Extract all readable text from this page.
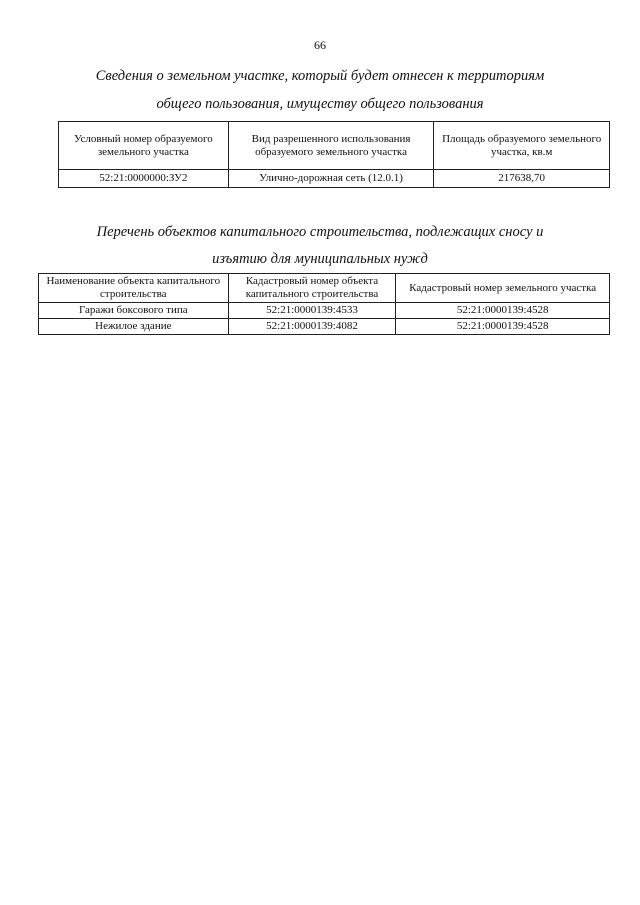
66
Сведения о земельном участке, который будет отнесен к территориям
общего пользования, имуществу общего пользования
Условный номер образуемого земельного участка	Вид разрешенного использования образуемого земельного участка	Площадь образуемого земельного участка, кв.м
52:21:0000000:ЗУ2	Улично-дорожная сеть (12.0.1)	217638,70
Перечень объектов капитального строительства, подлежащих сносу и
изъятию для муниципальных нужд
Наименование объекта капитального строительства	Кадастровый номер объекта капитального строительства	Кадастровый номер земельного участка
Гаражи боксового типа	52:21:0000139:4533	52:21:0000139:4528
Нежилое здание	52:21:0000139:4082	52:21:0000139:4528
